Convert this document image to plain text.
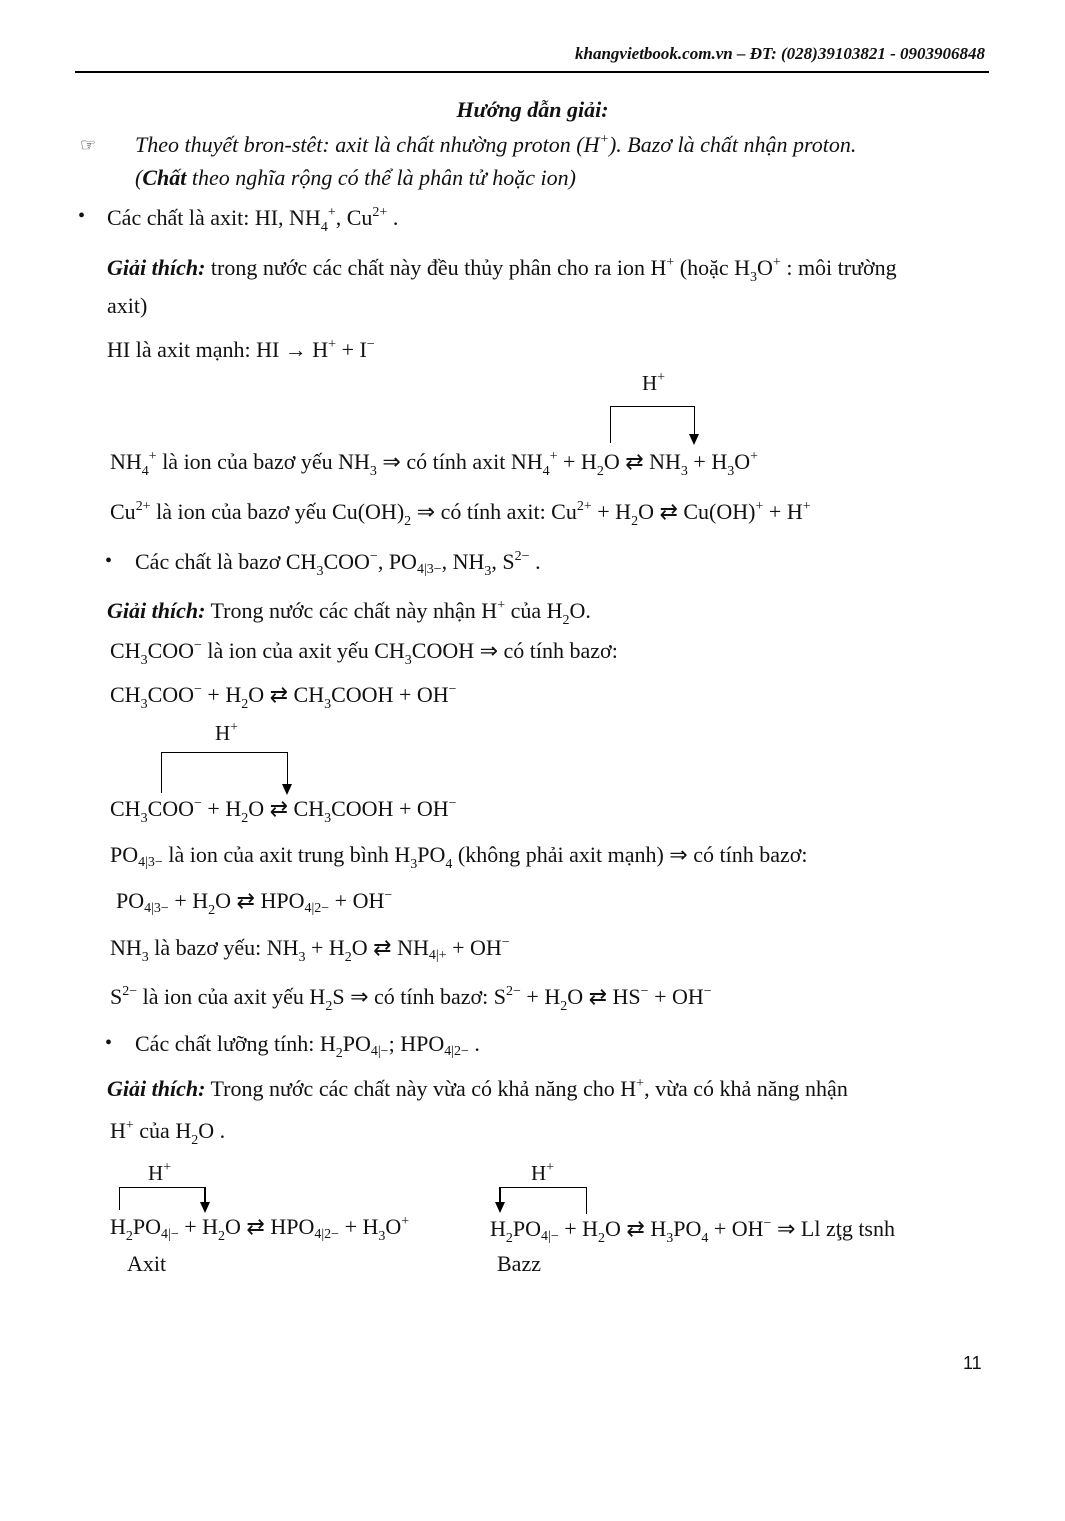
khangvietbook.com.vn – ĐT: (028)39103821 - 0903906848
Hướng dẫn giải:
☞ Theo thuyết bron-stêt: axit là chất nhường proton (H+). Bazơ là chất nhận proton.
(Chất theo nghĩa rộng có thể là phân tử hoặc ion)
• Các chất là axit: HI, $NH_4^+$, $Cu^{2+}$ .
Giải thích: trong nước các chất này đều thủy phân cho ra ion H+ (hoặc $H_3O^+$ : môi trường
axit)
HI là axit mạnh: HI → H+ + I−
H+
$NH_4^+$ là ion của bazơ yếu $NH_3$ ⇒ có tính axit $NH_4^+ + H_2O$ ⇄ $NH_3 + H_3O^+$
$Cu^{2+}$ là ion của bazơ yếu $Cu(OH)_2$ ⇒ có tính axit: $Cu^{2+} + H_2O$ ⇄ Cu(OH)+ + H+
• Các chất là bazơ $CH_3COO^-$, PO4|3−, $NH_3$, $S^{2-}$ .
Giải thích: Trong nước các chất này nhận H+ của $H_2O$.
$CH_3COO^-$ là ion của axit yếu $CH_3COOH$ ⇒ có tính bazơ:
$CH_3COO^- + H_2O$ ⇄ $CH_3COOH + OH^-$
H+
$CH_3COO^- + H_2O$ ⇄ $CH_3COOH + OH^-$
PO4|3− là ion của axit trung bình $H_3PO_4$ (không phải axit mạnh) ⇒ có tính bazơ:
$PO4|3- + H_2O$ ⇄ HPO4|2− + OH−
$NH_3$ là bazơ yếu: $NH_3 + H_2O$ ⇄ NH4|+ + OH−
$S^{2-}$ là ion của axit yếu $H_2S$ ⇒ có tính bazơ: $S^{2-} + H_2O$ ⇄ HS− + OH−
• Các chất lưỡng tính: $H_2PO4|-$; HPO4|2− .
Giải thích: Trong nước các chất này vừa có khả năng cho H+, vừa có khả năng nhận
H+ của $H_2O$ .
H+
$H_2PO4|- + H_2O$ ⇄ $HPO4|2- + H_3O^+$
Axit
H+
$H_2PO4|- + H_2O$ ⇄ $H_3PO_4 + OH^-$ ⇒ Ll zţg tsnh
Bazz
11
